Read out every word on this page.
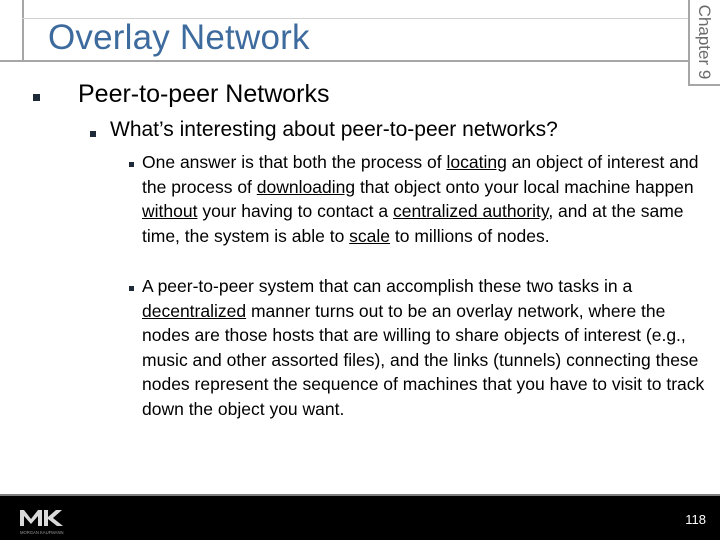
Chapter 9
Overlay Network
Peer-to-peer Networks
What’s interesting about peer-to-peer networks?
One answer is that both the process of locating an object of interest and the process of downloading that object onto your local machine happen without your having to contact a centralized authority, and at the same time, the system is able to scale to millions of nodes.
A peer-to-peer system that can accomplish these two tasks in a decentralized manner turns out to be an overlay network, where the nodes are those hosts that are willing to share objects of interest (e.g., music and other assorted files), and the links (tunnels) connecting these nodes represent the sequence of machines that you have to visit to track down the object you want.
MORGAN KAUFMANN
118
